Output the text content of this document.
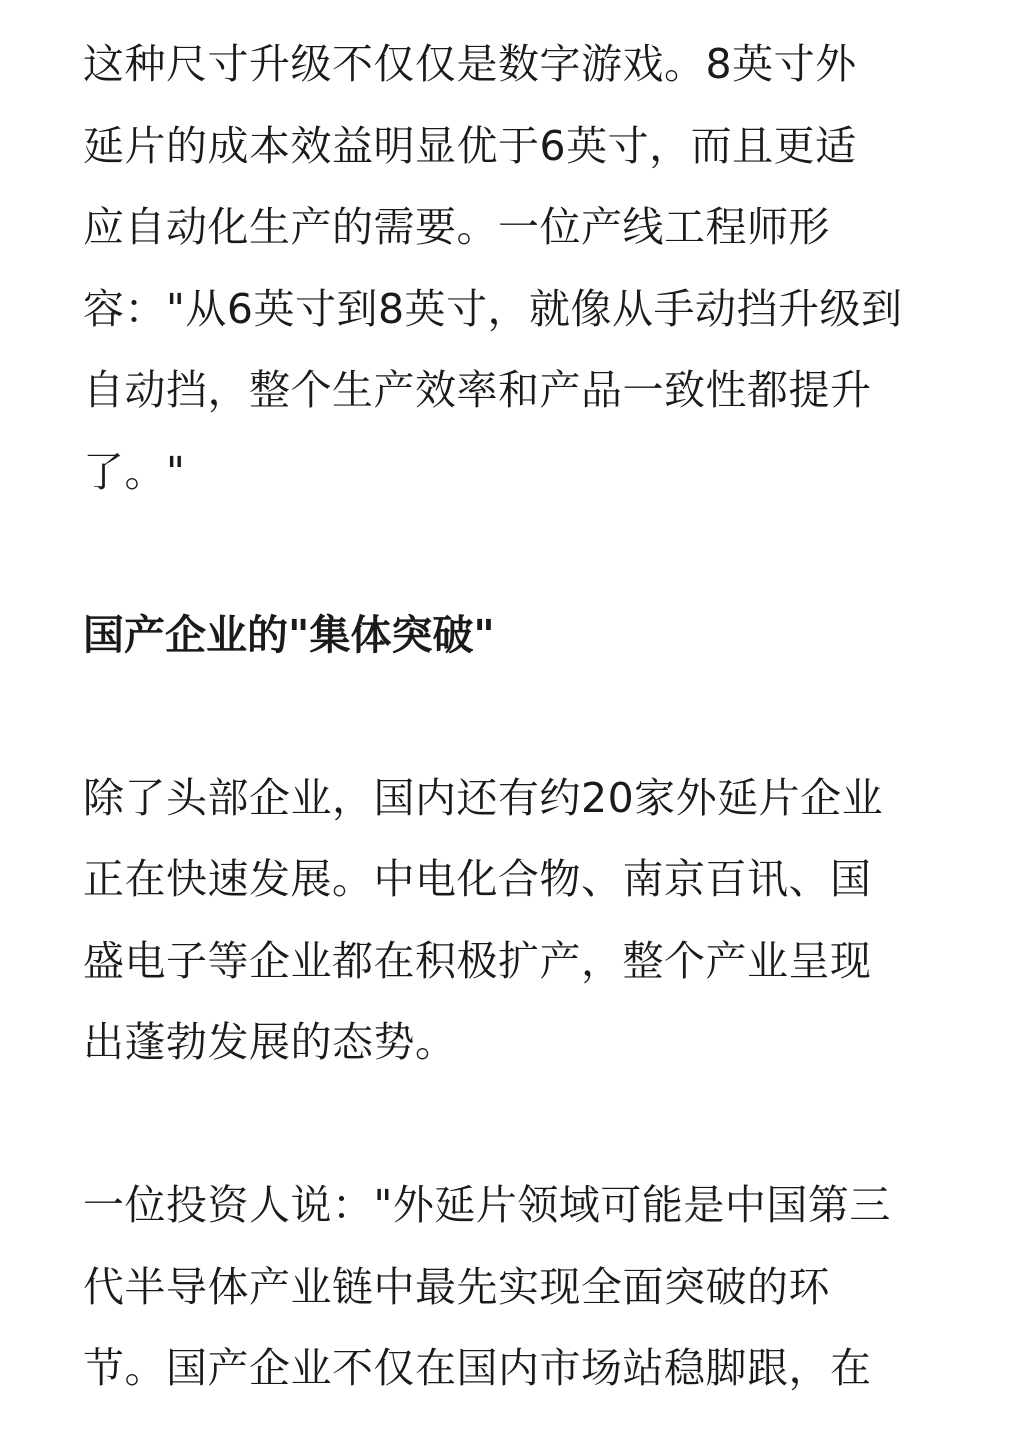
这种尺寸升级不仅仅是数字游戏。8英寸外
延片的成本效益明显优于6英寸，而且更适
应自动化生产的需要。一位产线工程师形
容："从6英寸到8英寸，就像从手动挡升级到
自动挡，整个生产效率和产品一致性都提升
了。"

国产企业的"集体突破"

除了头部企业，国内还有约20家外延片企业
正在快速发展。中电化合物、南京百讯、国
盛电子等企业都在积极扩产，整个产业呈现
出蓬勃发展的态势。

一位投资人说："外延片领域可能是中国第三
代半导体产业链中最先实现全面突破的环
节。国产企业不仅在国内市场站稳脚跟，在
